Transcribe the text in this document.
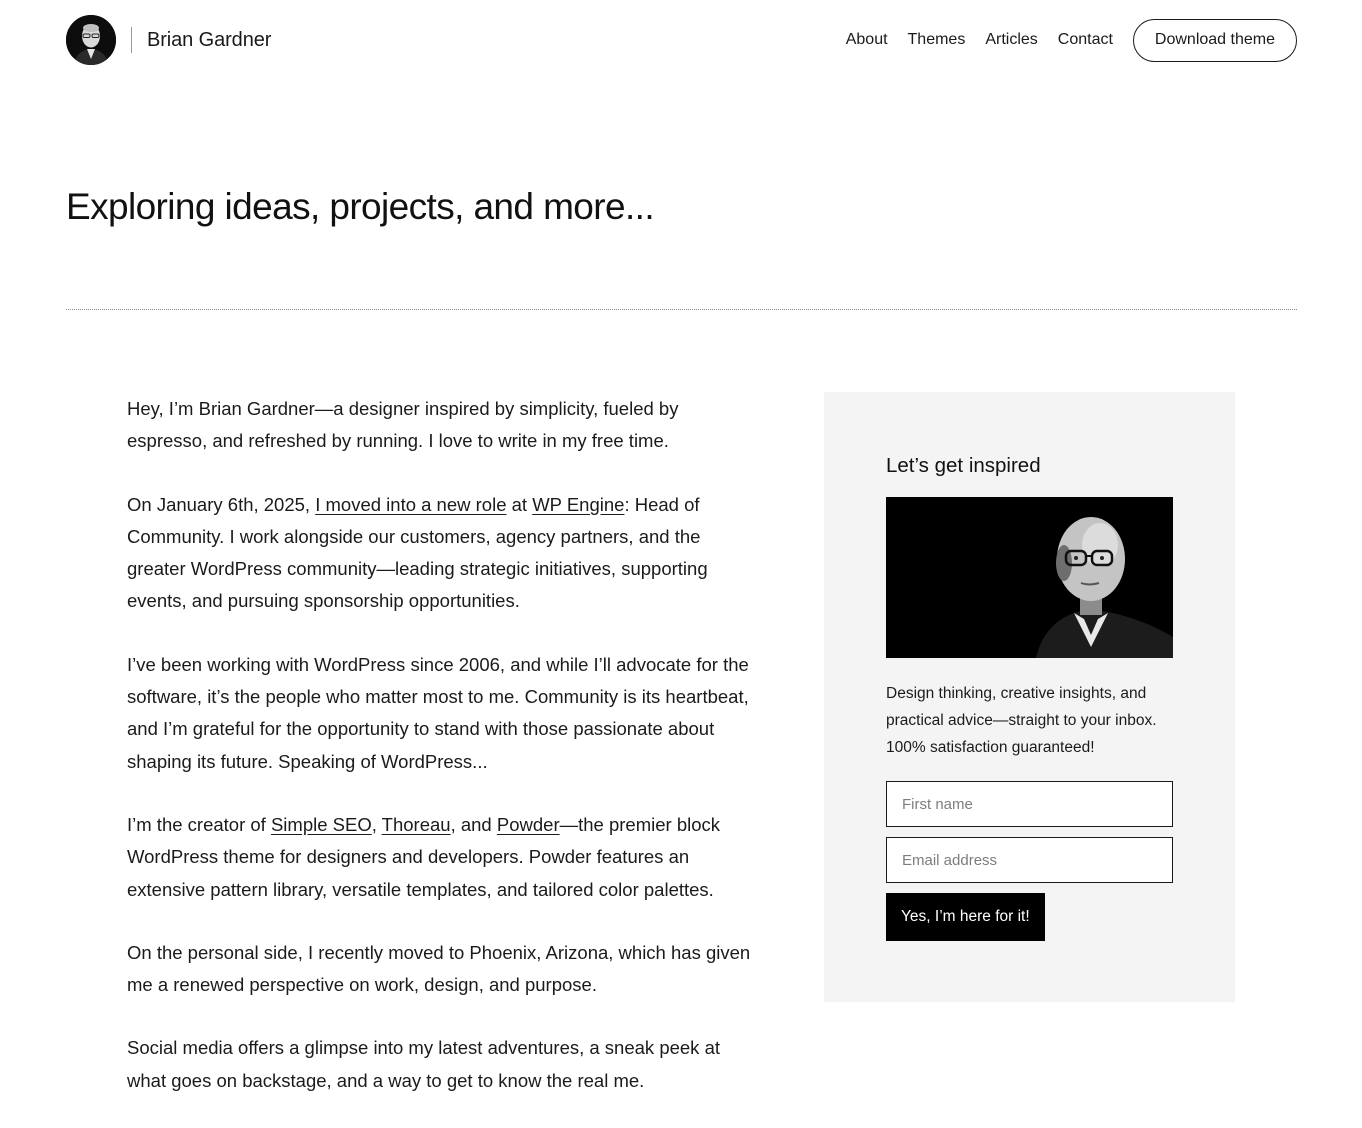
Brian Gardner	About Themes Articles Contact	Download theme
Exploring ideas, projects, and more...

Hey, I’m Brian Gardner—a designer inspired by simplicity, fueled by espresso, and refreshed by running. I love to write in my free time.

On January 6th, 2025, I moved into a new role at WP Engine: Head of Community. I work alongside our customers, agency partners, and the greater WordPress community—leading strategic initiatives, supporting events, and pursuing sponsorship opportunities.

I’ve been working with WordPress since 2006, and while I’ll advocate for the software, it’s the people who matter most to me. Community is its heartbeat, and I’m grateful for the opportunity to stand with those passionate about shaping its future. Speaking of WordPress...

I’m the creator of Simple SEO, Thoreau, and Powder—the premier block WordPress theme for designers and developers. Powder features an extensive pattern library, versatile templates, and tailored color palettes.

On the personal side, I recently moved to Phoenix, Arizona, which has given me a renewed perspective on work, design, and purpose.

Social media offers a glimpse into my latest adventures, a sneak peek at what goes on backstage, and a way to get to know the real me.

Let’s get inspired

Design thinking, creative insights, and practical advice—straight to your inbox. 100% satisfaction guaranteed!

First name
Email address
Yes, I’m here for it!
